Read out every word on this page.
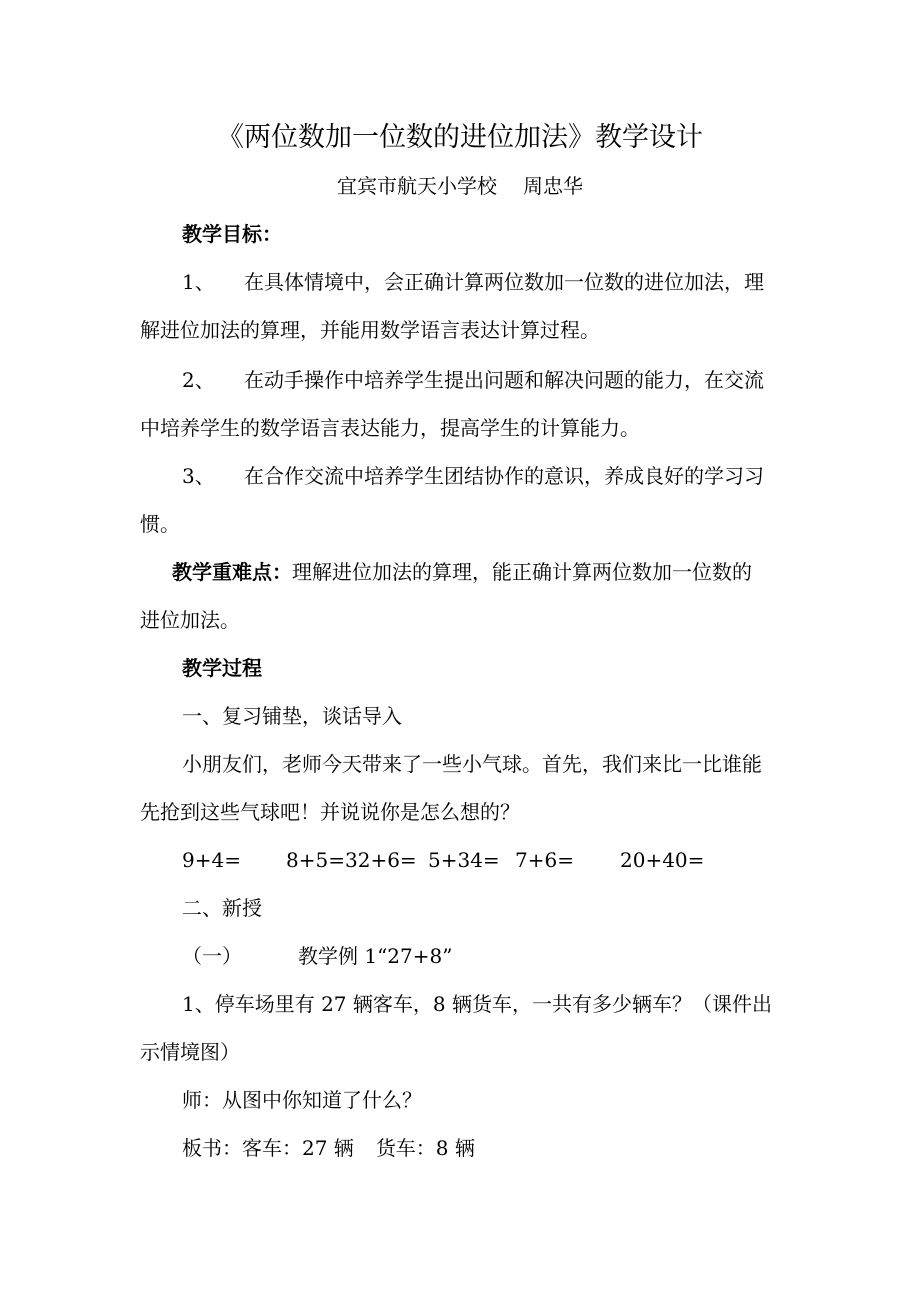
《两位数加一位数的进位加法》教学设计
宜宾市航天小学校 周忠华
教学目标：
1、 在具体情境中，会正确计算两位数加一位数的进位加法，理
解进位加法的算理，并能用数学语言表达计算过程。
2、 在动手操作中培养学生提出问题和解决问题的能力，在交流
中培养学生的数学语言表达能力，提高学生的计算能力。
3、 在合作交流中培养学生团结协作的意识，养成良好的学习习
惯。
教学重难点：理解进位加法的算理，能正确计算两位数加一位数的
进位加法。
教学过程
一、复习铺垫，谈话导入
小朋友们，老师今天带来了一些小气球。首先，我们来比一比谁能
先抢到这些气球吧！并说说你是怎么想的？
9+4= 8+5= 32+6= 5+34= 7+6= 20+40=
二、新授
（一）	教学例 1“27+8”
1、停车场里有 27 辆客车，8 辆货车，一共有多少辆车？（课件出
示情境图）
师：从图中你知道了什么？
板书：客车：27 辆 货车：8 辆
